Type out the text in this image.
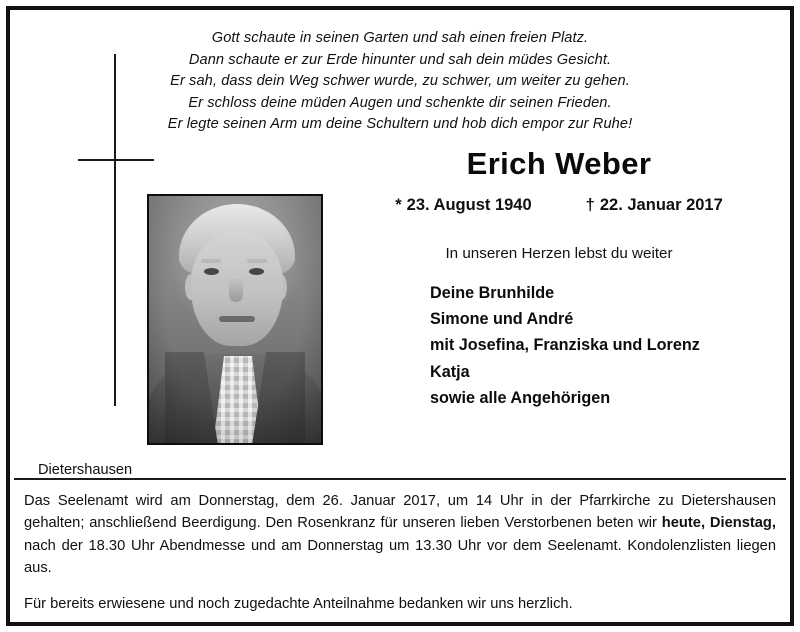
Gott schaute in seinen Garten und sah einen freien Platz.
Dann schaute er zur Erde hinunter und sah dein müdes Gesicht.
Er sah, dass dein Weg schwer wurde, zu schwer, um weiter zu gehen.
Er schloss deine müden Augen und schenkte dir seinen Frieden.
Er legte seinen Arm um deine Schultern und hob dich empor zur Ruhe!
Erich Weber
* 23. August 1940	† 22. Januar 2017
In unseren Herzen lebst du weiter
Deine Brunhilde
Simone und André
mit Josefina, Franziska und Lorenz
Katja
sowie alle Angehörigen
Dietershausen

Das Seelenamt wird am Donnerstag, dem 26. Januar 2017, um 14 Uhr in der Pfarrkirche zu Dietershausen gehalten; anschließend Beerdigung. Den Rosenkranz für unseren lieben Verstorbenen beten wir heute, Dienstag, nach der 18.30 Uhr Abendmesse und am Donnerstag um 13.30 Uhr vor dem Seelenamt. Kondolenzlisten liegen aus.

Für bereits erwiesene und noch zugedachte Anteilnahme bedanken wir uns herzlich.
